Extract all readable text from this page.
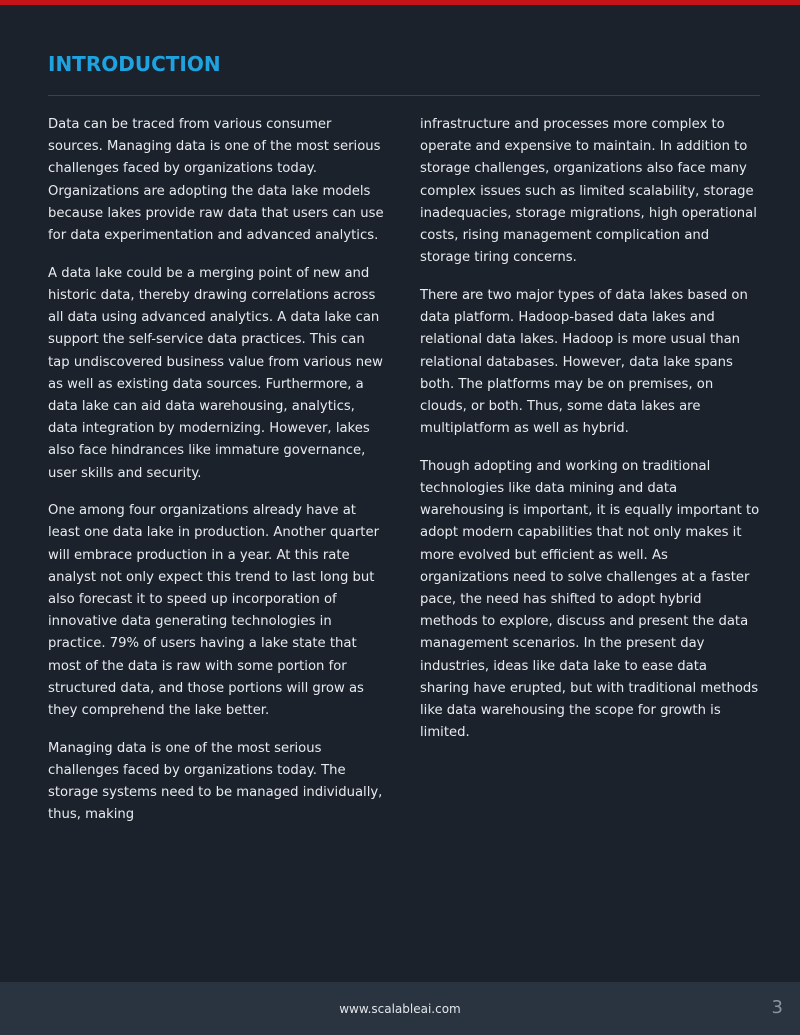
INTRODUCTION

Data can be traced from various consumer sources. Managing data is one of the most serious challenges faced by organizations today. Organizations are adopting the data lake models because lakes provide raw data that users can use for data experimentation and advanced analytics.

A data lake could be a merging point of new and historic data, thereby drawing correlations across all data using advanced analytics. A data lake can support the self-service data practices. This can tap undiscovered business value from various new as well as existing data sources. Furthermore, a data lake can aid data warehousing, analytics, data integration by modernizing. However, lakes also face hindrances like immature governance, user skills and security.

One among four organizations already have at least one data lake in production. Another quarter will embrace production in a year. At this rate analyst not only expect this trend to last long but also forecast it to speed up incorporation of innovative data generating technologies in practice. 79% of users having a lake state that most of the data is raw with some portion for structured data, and those portions will grow as they comprehend the lake better.

Managing data is one of the most serious challenges faced by organizations today. The storage systems need to be managed individually, thus, making

infrastructure and processes more complex to operate and expensive to maintain. In addition to storage challenges, organizations also face many complex issues such as limited scalability, storage inadequacies, storage migrations, high operational costs, rising management complication and storage tiring concerns.

There are two major types of data lakes based on data platform. Hadoop-based data lakes and relational data lakes. Hadoop is more usual than relational databases. However, data lake spans both. The platforms may be on premises, on clouds, or both. Thus, some data lakes are multiplatform as well as hybrid.

Though adopting and working on traditional technologies like data mining and data warehousing is important, it is equally important to adopt modern capabilities that not only makes it more evolved but efficient as well. As organizations need to solve challenges at a faster pace, the need has shifted to adopt hybrid methods to explore, discuss and present the data management scenarios. In the present day industries, ideas like data lake to ease data sharing have erupted, but with traditional methods like data warehousing the scope for growth is limited.

www.scalableai.com	3
